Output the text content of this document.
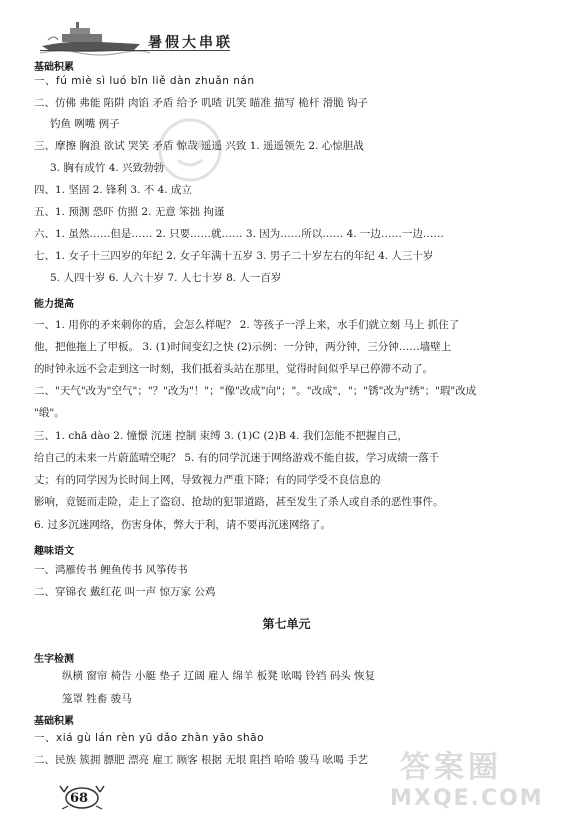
暑假大串联
基础积累
一、fú miè sì luó bǐn liě dàn zhuǎn nán
二、仿佛 弗能 陷阱 肉馅 矛盾 给予 叽喳 讥笑 瞄准 描写 桅杆 滑脆 钩子
钓鱼 咧嘴 例子
三、摩擦 胸浪 欲试 哭笑 矛盾 惊哉 遥遥 兴致 1. 遥遥领先 2. 心惊胆战
3. 胸有成竹 4. 兴致勃勃
四、1. 坚固 2. 锋利 3. 不 4. 成立
五、1. 预测 恐吓 仿照 2. 无意 笨拙 拘谨
六、1. 虽然……但是…… 2. 只要……就…… 3. 因为……所以…… 4. 一边……一边……
七、1. 女子十三四岁的年纪 2. 女子年满十五岁 3. 男子二十岁左右的年纪 4. 人三十岁
5. 人四十岁 6. 人六十岁 7. 人七十岁 8. 人一百岁
能力提高
一、1. 用你的矛来刺你的盾，会怎么样呢？ 2. 等孩子一浮上来，水手们就立刻 马上 抓住了
他，把他拖上了甲板。 3. (1)时间变幻之快 (2)示例：一分钟，两分钟，三分钟……墙壁上
的时钟永远不会走到这一时刻，我们抵着头站在那里，觉得时间似乎早已停滞不动了。
二、"天气"改为"空气"；"？"改为"！"；"像"改成"向"；"。"改成"，"；"锈"改为"绣"；"瑕"改成
"缎"。
三、1. chā dào 2. 憧憬 沉迷 控制 束缚 3. (1)C (2)B 4. 我们怎能不把握自己，
给自己的未来一片蔚蓝晴空呢？ 5. 有的同学沉迷于网络游戏不能自拔，学习成绩一落千
丈；有的同学因为长时间上网，导致视力严重下降；有的同学受不良信息的
影响，竟铤而走险，走上了盗窃、抢劫的犯罪道路，甚至发生了杀人或自杀的恶性事件。
6. 过多沉迷网络，伤害身体，弊大于利，请不要再沉迷网络了。
趣味语文
一、鸿雁传书 鲤鱼传书 风筝传书
二、穿锦衣 戴红花 叫一声 惊万家 公鸡
第七单元
生字检测
纵横 窗帘 椅告 小艇 垫子 辽阔 雇人 绵羊 板凳 吆喝 铃铛 码头 恢复
笼罩 牲畜 骏马
基础积累
一、xiá gù lán rèn yū dǎo zhàn yāo shāo
二、民族 簇拥 膘肥 漂亮 雇工 顾客 根据 无垠 阻挡 哈哈 骏马 吆喝 手艺
68
答案圈
MXQE.COM
